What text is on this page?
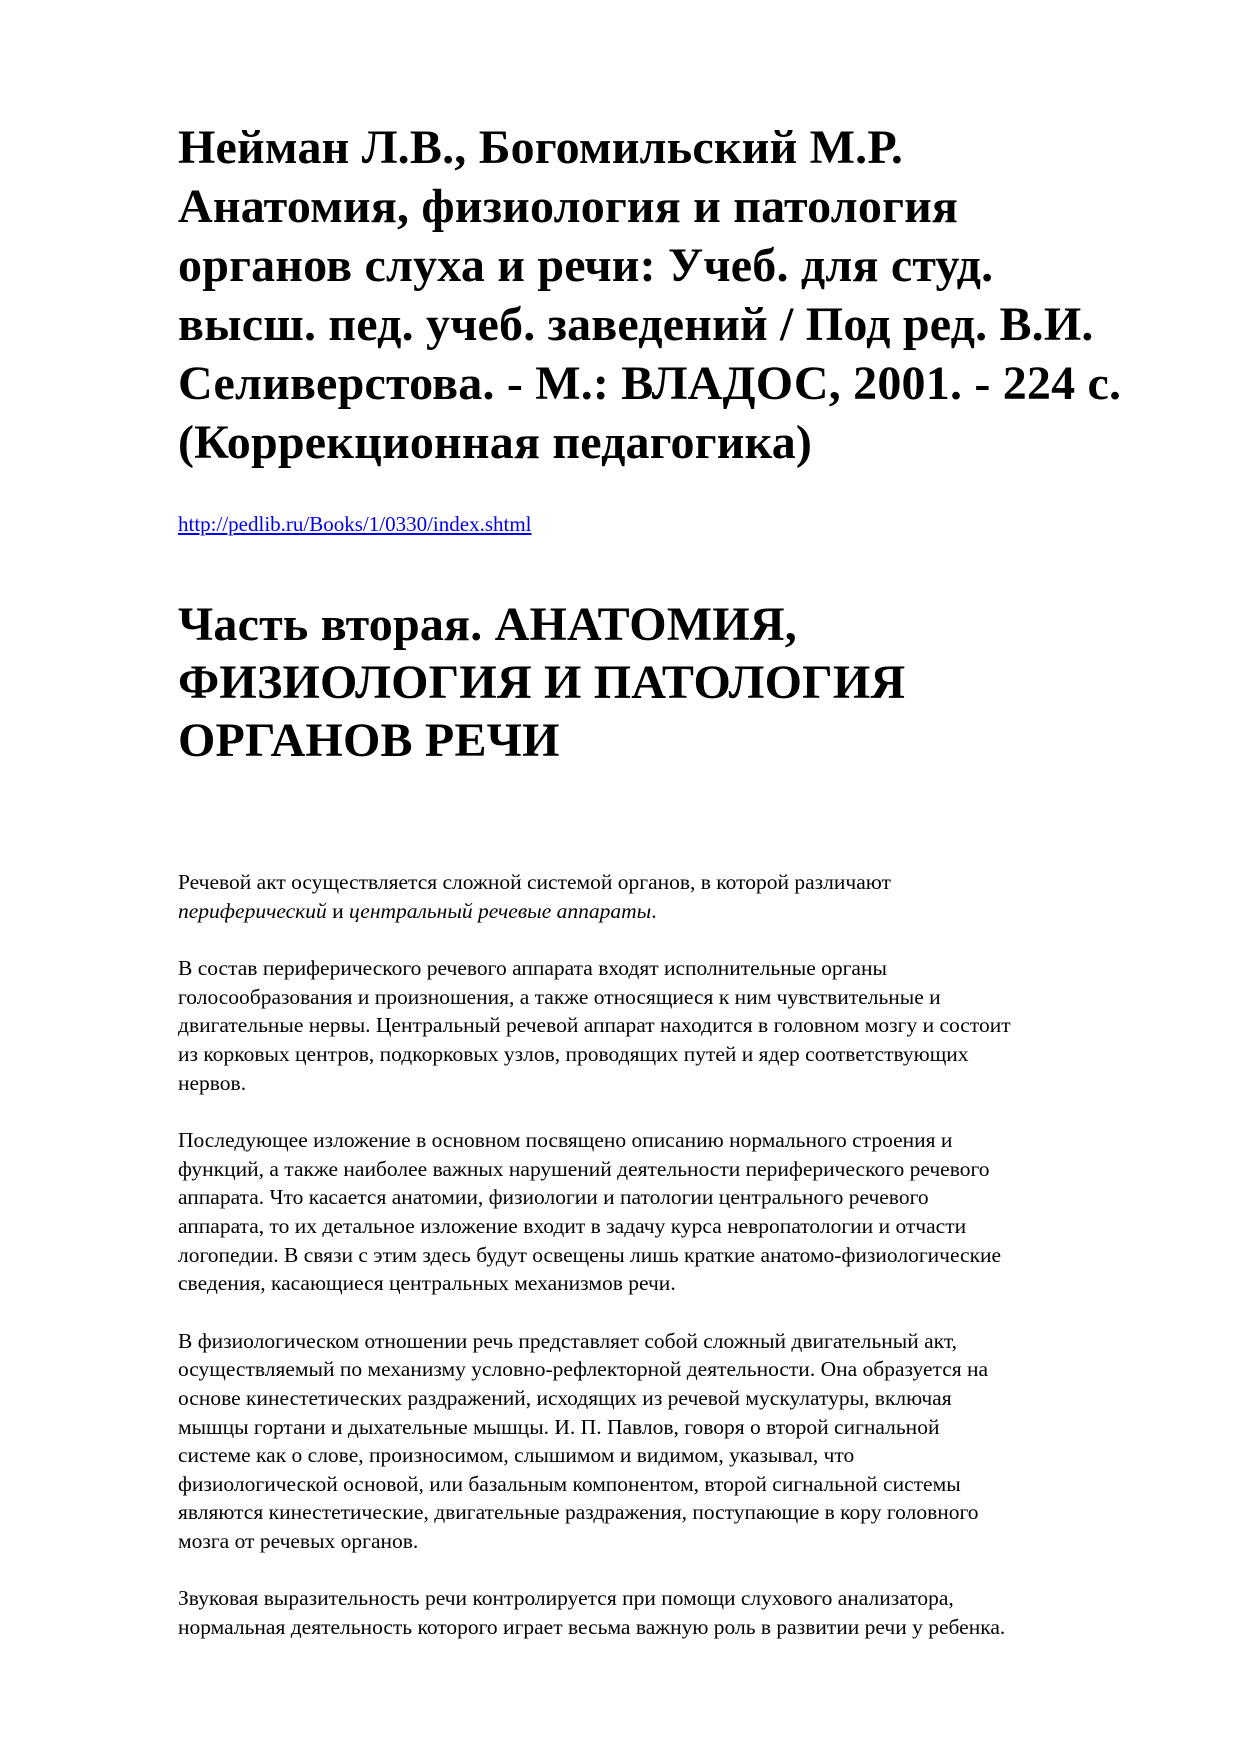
Нейман Л.В., Богомильский М.Р.
Анатомия, физиология и патология
органов слуха и речи: Учеб. для студ.
высш. пед. учеб. заведений / Под ред. В.И.
Селиверстова. - М.: ВЛАДОС, 2001. - 224 с.
(Коррекционная педагогика)
http://pedlib.ru/Books/1/0330/index.shtml
Часть вторая. АНАТОМИЯ,
ФИЗИОЛОГИЯ И ПАТОЛОГИЯ
ОРГАНОВ РЕЧИ

Речевой акт осуществляется сложной системой органов, в которой различают
периферический и центральный речевые аппараты.

В состав периферического речевого аппарата входят исполнительные органы
голосообразования и произношения, а также относящиеся к ним чувствительные и
двигательные нервы. Центральный речевой аппарат находится в головном мозгу и состоит
из корковых центров, подкорковых узлов, проводящих путей и ядер соответствующих
нервов.

Последующее изложение в основном посвящено описанию нормального строения и
функций, а также наиболее важных нарушений деятельности периферического речевого
аппарата. Что касается анатомии, физиологии и патологии центрального речевого
аппарата, то их детальное изложение входит в задачу курса невропатологии и отчасти
логопедии. В связи с этим здесь будут освещены лишь краткие анатомо-физиологические
сведения, касающиеся центральных механизмов речи.

В физиологическом отношении речь представляет собой сложный двигательный акт,
осуществляемый по механизму условно-рефлекторной деятельности. Она образуется на
основе кинестетических раздражений, исходящих из речевой мускулатуры, включая
мышцы гортани и дыхательные мышцы. И. П. Павлов, говоря о второй сигнальной
системе как о слове, произносимом, слышимом и видимом, указывал, что
физиологической основой, или базальным компонентом, второй сигнальной системы
являются кинестетические, двигательные раздражения, поступающие в кору головного
мозга от речевых органов.

Звуковая выразительность речи контролируется при помощи слухового анализатора,
нормальная деятельность которого играет весьма важную роль в развитии речи у ребенка.
